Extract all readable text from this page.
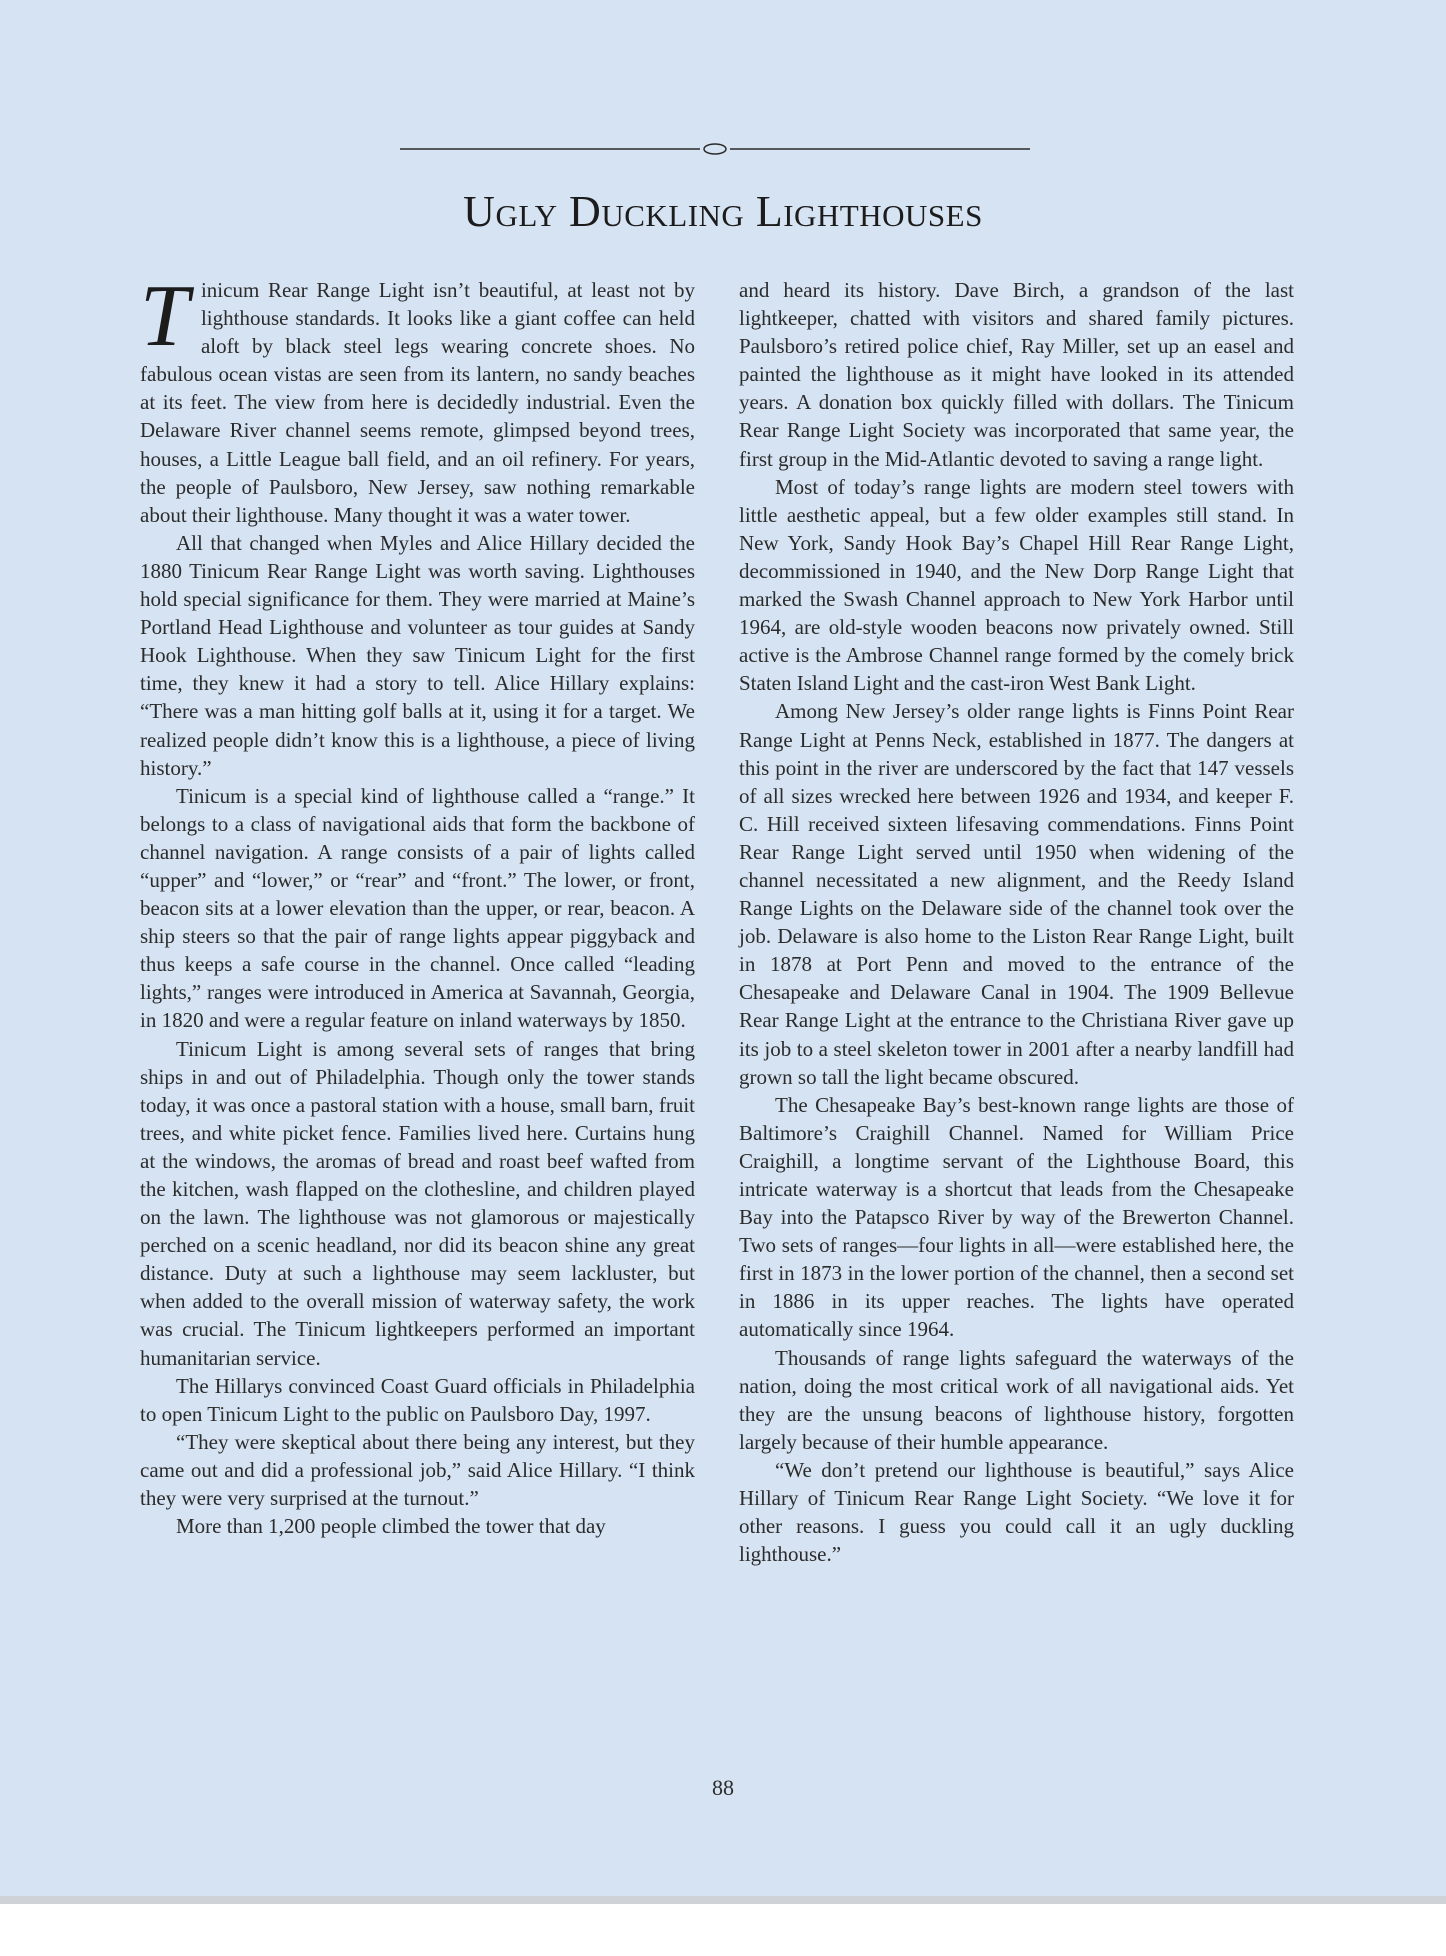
Ugly Duckling Lighthouses

Tinicum Rear Range Light isn’t beautiful, at least not by lighthouse standards. It looks like a giant coffee can held aloft by black steel legs wearing concrete shoes. No fabulous ocean vistas are seen from its lantern, no sandy beaches at its feet. The view from here is decidedly industrial. Even the Delaware River channel seems remote, glimpsed beyond trees, houses, a Little League ball field, and an oil refinery. For years, the people of Paulsboro, New Jersey, saw nothing remarkable about their lighthouse. Many thought it was a water tower.

All that changed when Myles and Alice Hillary decided the 1880 Tinicum Rear Range Light was worth saving. Lighthouses hold special significance for them. They were married at Maine’s Portland Head Lighthouse and volunteer as tour guides at Sandy Hook Lighthouse. When they saw Tinicum Light for the first time, they knew it had a story to tell. Alice Hillary explains: “There was a man hitting golf balls at it, using it for a target. We realized people didn’t know this is a lighthouse, a piece of living history.”

Tinicum is a special kind of lighthouse called a “range.” It belongs to a class of navigational aids that form the backbone of channel navigation. A range consists of a pair of lights called “upper” and “lower,” or “rear” and “front.” The lower, or front, beacon sits at a lower elevation than the upper, or rear, beacon. A ship steers so that the pair of range lights appear piggyback and thus keeps a safe course in the channel. Once called “leading lights,” ranges were introduced in America at Savannah, Georgia, in 1820 and were a regular feature on inland waterways by 1850.

Tinicum Light is among several sets of ranges that bring ships in and out of Philadelphia. Though only the tower stands today, it was once a pastoral station with a house, small barn, fruit trees, and white picket fence. Families lived here. Curtains hung at the windows, the aromas of bread and roast beef wafted from the kitchen, wash flapped on the clothesline, and children played on the lawn. The lighthouse was not glamorous or majestically perched on a scenic headland, nor did its beacon shine any great distance. Duty at such a lighthouse may seem lackluster, but when added to the overall mission of waterway safety, the work was crucial. The Tinicum lightkeepers performed an important humanitarian service.

The Hillarys convinced Coast Guard officials in Philadelphia to open Tinicum Light to the public on Paulsboro Day, 1997.

“They were skeptical about there being any interest, but they came out and did a professional job,” said Alice Hillary. “I think they were very surprised at the turnout.”

More than 1,200 people climbed the tower that day

and heard its history. Dave Birch, a grandson of the last lightkeeper, chatted with visitors and shared family pictures. Paulsboro’s retired police chief, Ray Miller, set up an easel and painted the lighthouse as it might have looked in its attended years. A donation box quickly filled with dollars. The Tinicum Rear Range Light Society was incorporated that same year, the first group in the Mid-Atlantic devoted to saving a range light.

Most of today’s range lights are modern steel towers with little aesthetic appeal, but a few older examples still stand. In New York, Sandy Hook Bay’s Chapel Hill Rear Range Light, decommissioned in 1940, and the New Dorp Range Light that marked the Swash Channel approach to New York Harbor until 1964, are old-style wooden beacons now privately owned. Still active is the Ambrose Channel range formed by the comely brick Staten Island Light and the cast-iron West Bank Light.

Among New Jersey’s older range lights is Finns Point Rear Range Light at Penns Neck, established in 1877. The dangers at this point in the river are underscored by the fact that 147 vessels of all sizes wrecked here between 1926 and 1934, and keeper F. C. Hill received sixteen lifesaving commendations. Finns Point Rear Range Light served until 1950 when widening of the channel necessitated a new alignment, and the Reedy Island Range Lights on the Delaware side of the channel took over the job. Delaware is also home to the Liston Rear Range Light, built in 1878 at Port Penn and moved to the entrance of the Chesapeake and Delaware Canal in 1904. The 1909 Bellevue Rear Range Light at the entrance to the Christiana River gave up its job to a steel skeleton tower in 2001 after a nearby landfill had grown so tall the light became obscured.

The Chesapeake Bay’s best-known range lights are those of Baltimore’s Craighill Channel. Named for William Price Craighill, a longtime servant of the Lighthouse Board, this intricate waterway is a shortcut that leads from the Chesapeake Bay into the Patapsco River by way of the Brewerton Channel. Two sets of ranges—four lights in all—were established here, the first in 1873 in the lower portion of the channel, then a second set in 1886 in its upper reaches. The lights have operated automatically since 1964.

Thousands of range lights safeguard the waterways of the nation, doing the most critical work of all navigational aids. Yet they are the unsung beacons of lighthouse history, forgotten largely because of their humble appearance.

“We don’t pretend our lighthouse is beautiful,” says Alice Hillary of Tinicum Rear Range Light Society. “We love it for other reasons. I guess you could call it an ugly duckling lighthouse.”

88
